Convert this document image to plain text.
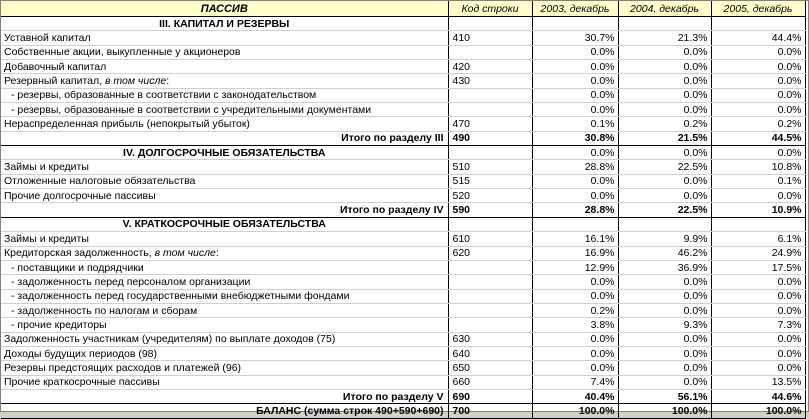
ПАССИВ	Код строки	2003, декабрь	2004, декабрь	2005, декабрь
III. КАПИТАЛ И РЕЗЕРВЫ				
Уставной капитал	410	30.7%	21.3%	44.4%
Собственные акции, выкупленные у акционеров		0.0%	0.0%	0.0%
Добавочный капитал	420	0.0%	0.0%	0.0%
Резервный капитал, в том числе:	430	0.0%	0.0%	0.0%
- резервы, образованные в соответствии с законодательством		0.0%	0.0%	0.0%
- резервы, образованные в соответствии с учредительными документами		0.0%	0.0%	0.0%
Нераспределенная прибыль (непокрытый убыток)	470	0.1%	0.2%	0.2%
Итого по разделу III	490	30.8%	21.5%	44.5%
IV. ДОЛГОСРОЧНЫЕ ОБЯЗАТЕЛЬСТВА		0.0%	0.0%	0.0%
Займы и кредиты	510	28.8%	22.5%	10.8%
Отложенные налоговые обязательства	515	0.0%	0.0%	0.1%
Прочие долгосрочные пассивы	520	0.0%	0.0%	0.0%
Итого по разделу IV	590	28.8%	22.5%	10.9%
V. КРАТКОСРОЧНЫЕ ОБЯЗАТЕЛЬСТВА				
Займы и кредиты	610	16.1%	9.9%	6.1%
Кредиторская задолженность, в том числе:	620	16.9%	46.2%	24.9%
- поставщики и подрядчики		12.9%	36.9%	17.5%
- задолженность перед персоналом организации		0.0%	0.0%	0.0%
- задолженность перед государственными внебюджетными фондами		0.0%	0.0%	0.0%
- задолженность по налогам и сборам		0.2%	0.0%	0.0%
- прочие кредиторы		3.8%	9.3%	7.3%
Задолженность участникам (учредителям) по выплате доходов (75)	630	0.0%	0.0%	0.0%
Доходы будущих периодов (98)	640	0.0%	0.0%	0.0%
Резервы предстоящих расходов и платежей (96)	650	0.0%	0.0%	0.0%
Прочие краткосрочные пассивы	660	7.4%	0.0%	13.5%
Итого по разделу V	690	40.4%	56.1%	44.6%
БАЛАНС (сумма строк 490+590+690)	700	100.0%	100.0%	100.0%
